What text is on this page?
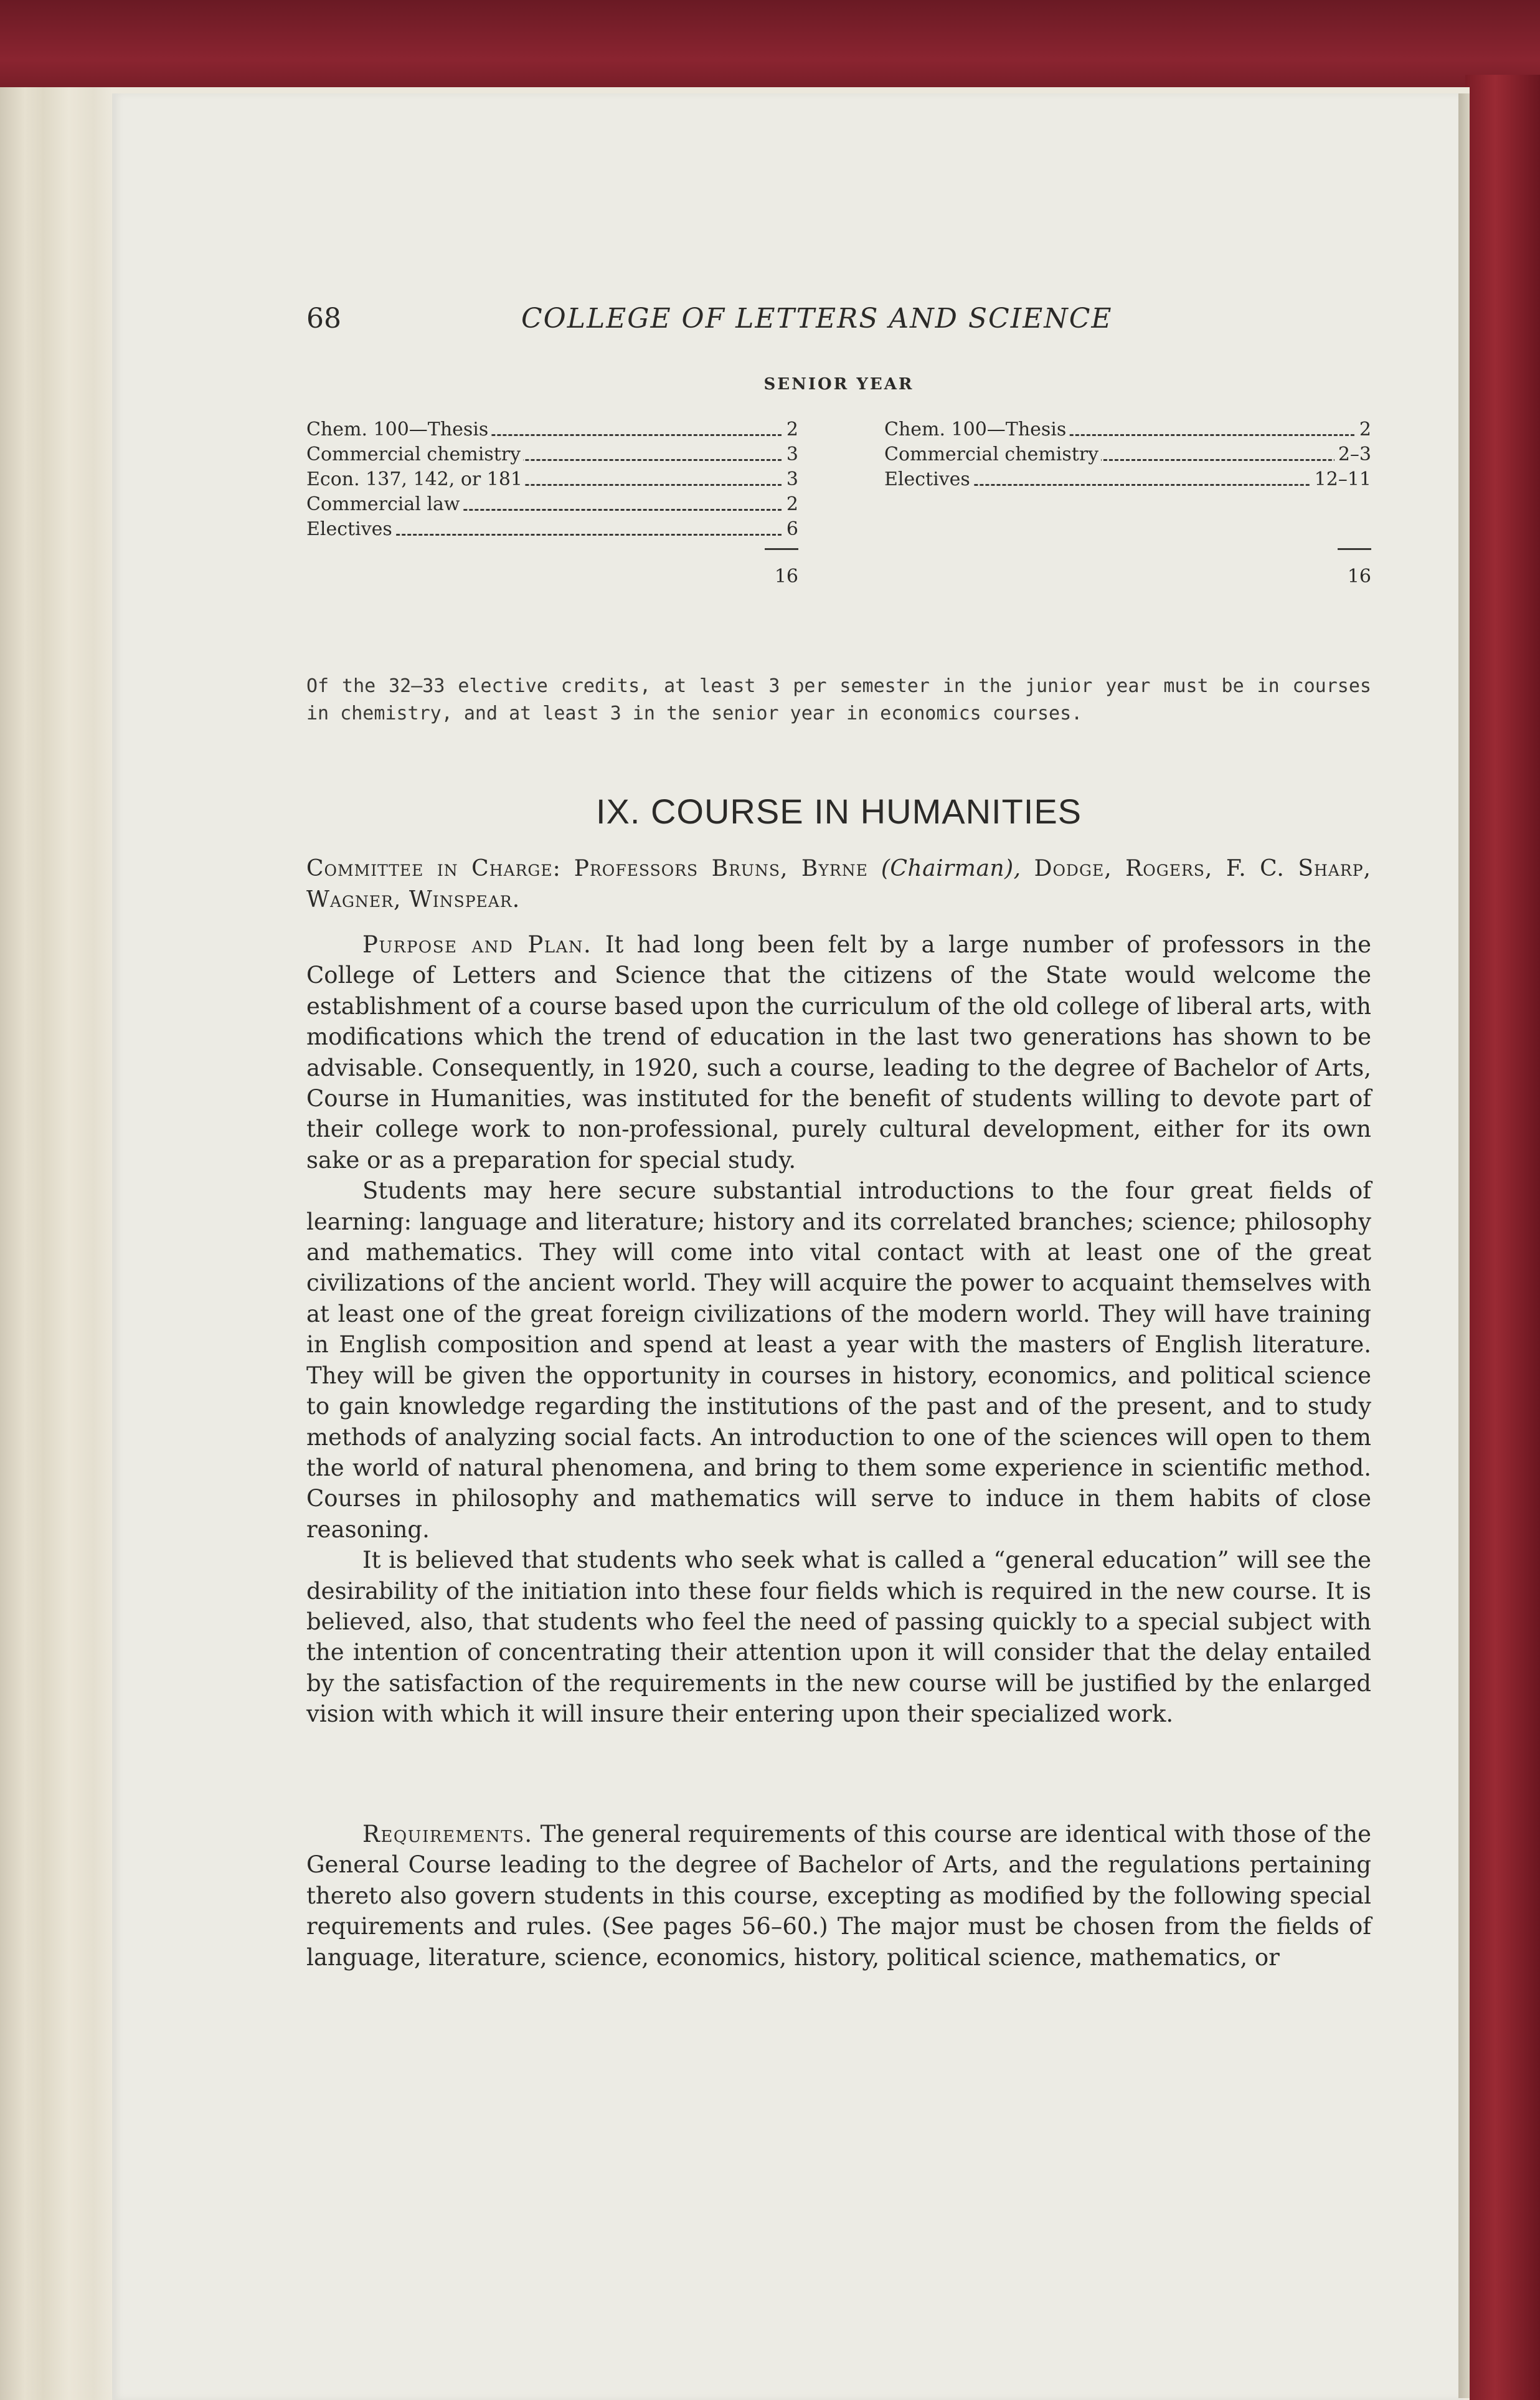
68	COLLEGE OF LETTERS AND SCIENCE
SENIOR YEAR
Chem. 100—Thesis	2
Commercial chemistry	3
Econ. 137, 142, or 181	3
Commercial law	2
Electives	6
16
Chem. 100—Thesis	2
Commercial chemistry	2–3
Electives	12–11
16
Of the 32–33 elective credits, at least 3 per semester in the junior year must be in courses in chemistry, and at least 3 in the senior year in economics courses.
IX. COURSE IN HUMANITIES
Committee in Charge: Professors Bruns, Byrne (Chairman), Dodge, Rogers, F. C. Sharp, Wagner, Winspear.

Purpose and Plan. It had long been felt by a large number of professors in the College of Letters and Science that the citizens of the State would welcome the establishment of a course based upon the curriculum of the old college of liberal arts, with modifications which the trend of education in the last two generations has shown to be advisable. Consequently, in 1920, such a course, leading to the degree of Bachelor of Arts, Course in Humanities, was instituted for the benefit of students willing to devote part of their college work to non-professional, purely cultural development, either for its own sake or as a preparation for special study.

Students may here secure substantial introductions to the four great fields of learning: language and literature; history and its correlated branches; science; philosophy and mathematics. They will come into vital contact with at least one of the great civilizations of the ancient world. They will acquire the power to acquaint themselves with at least one of the great foreign civilizations of the modern world. They will have training in English composition and spend at least a year with the masters of English literature. They will be given the opportunity in courses in history, economics, and political science to gain knowledge regarding the institutions of the past and of the present, and to study methods of analyzing social facts. An introduction to one of the sciences will open to them the world of natural phenomena, and bring to them some experience in scientific method. Courses in philosophy and mathematics will serve to induce in them habits of close reasoning.

It is believed that students who seek what is called a “general education” will see the desirability of the initiation into these four fields which is required in the new course. It is believed, also, that students who feel the need of passing quickly to a special subject with the intention of concentrating their attention upon it will consider that the delay entailed by the satisfaction of the requirements in the new course will be justified by the enlarged vision with which it will insure their entering upon their specialized work.

Requirements. The general requirements of this course are identical with those of the General Course leading to the degree of Bachelor of Arts, and the regulations pertaining thereto also govern students in this course, excepting as modified by the following special requirements and rules. (See pages 56–60.) The major must be chosen from the fields of language, literature, science, economics, history, political science, mathematics, or
